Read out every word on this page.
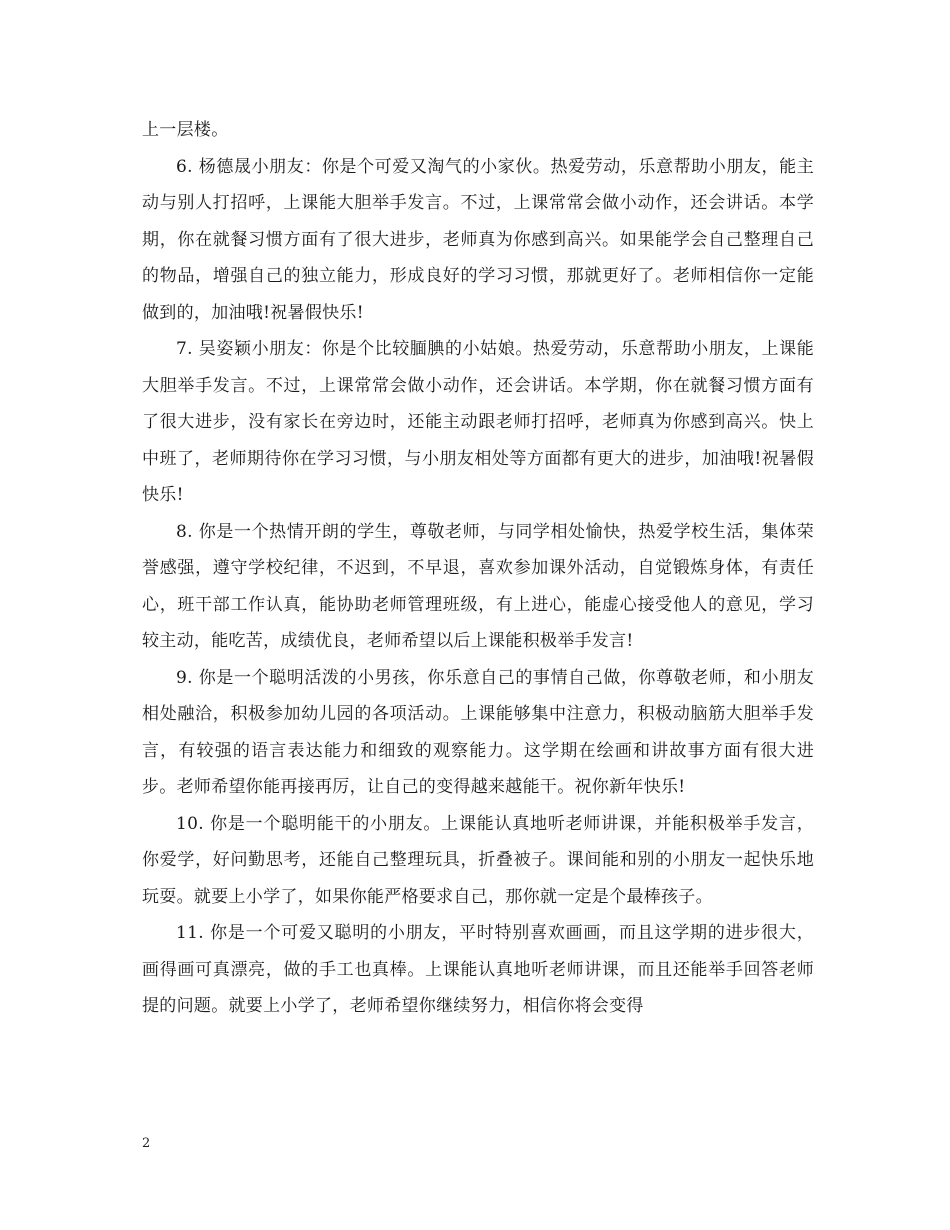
上一层楼。

6. 杨德晟小朋友：你是个可爱又淘气的小家伙。热爱劳动，乐意帮助小朋友，能主动与别人打招呼，上课能大胆举手发言。不过，上课常常会做小动作，还会讲话。本学期，你在就餐习惯方面有了很大进步，老师真为你感到高兴。如果能学会自己整理自己的物品，增强自己的独立能力，形成良好的学习习惯，那就更好了。老师相信你一定能做到的，加油哦!祝暑假快乐!

7. 吴姿颖小朋友：你是个比较腼腆的小姑娘。热爱劳动，乐意帮助小朋友，上课能大胆举手发言。不过，上课常常会做小动作，还会讲话。本学期，你在就餐习惯方面有了很大进步，没有家长在旁边时，还能主动跟老师打招呼，老师真为你感到高兴。快上中班了，老师期待你在学习习惯，与小朋友相处等方面都有更大的进步，加油哦!祝暑假快乐!

8. 你是一个热情开朗的学生，尊敬老师，与同学相处愉快，热爱学校生活，集体荣誉感强，遵守学校纪律，不迟到，不早退，喜欢参加课外活动，自觉锻炼身体，有责任心，班干部工作认真，能协助老师管理班级，有上进心，能虚心接受他人的意见，学习较主动，能吃苦，成绩优良，老师希望以后上课能积极举手发言!

9. 你是一个聪明活泼的小男孩，你乐意自己的事情自己做，你尊敬老师，和小朋友相处融洽，积极参加幼儿园的各项活动。上课能够集中注意力，积极动脑筋大胆举手发言，有较强的语言表达能力和细致的观察能力。这学期在绘画和讲故事方面有很大进步。老师希望你能再接再厉，让自己的变得越来越能干。祝你新年快乐!

10. 你是一个聪明能干的小朋友。上课能认真地听老师讲课，并能积极举手发言，你爱学，好问勤思考，还能自己整理玩具，折叠被子。课间能和别的小朋友一起快乐地玩耍。就要上小学了，如果你能严格要求自己，那你就一定是个最棒孩子。

11. 你是一个可爱又聪明的小朋友，平时特别喜欢画画，而且这学期的进步很大，画得画可真漂亮，做的手工也真棒。上课能认真地听老师讲课，而且还能举手回答老师提的问题。就要上小学了，老师希望你继续努力，相信你将会变得

2
